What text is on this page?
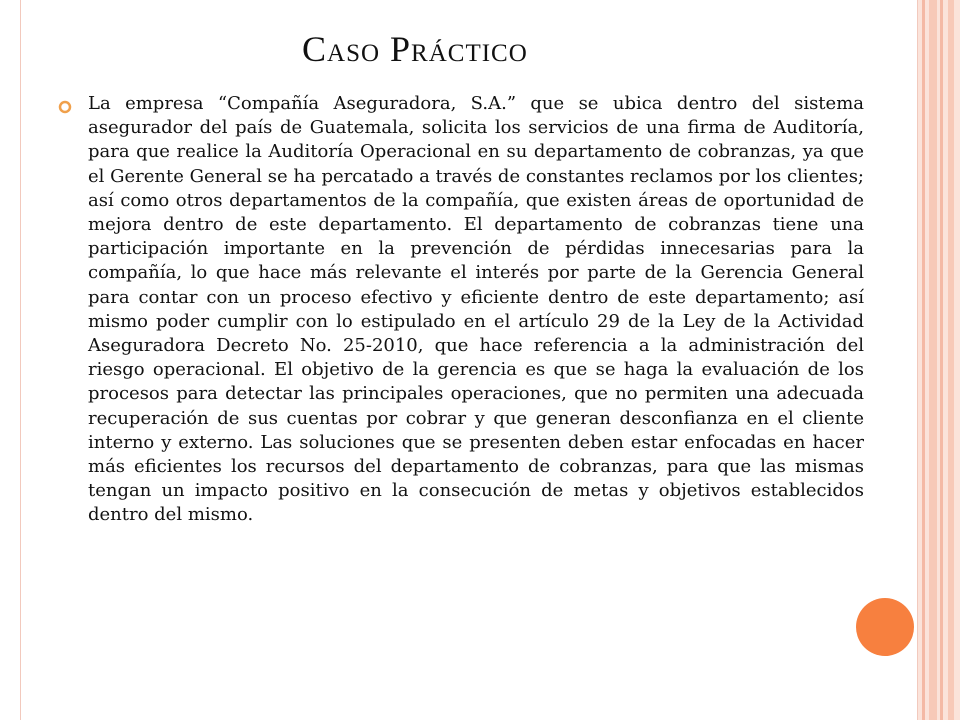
Caso Práctico

La empresa “Compañía Aseguradora, S.A.” que se ubica dentro del sistema asegurador del país de Guatemala, solicita los servicios de una firma de Auditoría, para que realice la Auditoría Operacional en su departamento de cobranzas, ya que el Gerente General se ha percatado a través de constantes reclamos por los clientes; así como otros departamentos de la compañía, que existen áreas de oportunidad de mejora dentro de este departamento. El departamento de cobranzas tiene una participación importante en la prevención de pérdidas innecesarias para la compañía, lo que hace más relevante el interés por parte de la Gerencia General para contar con un proceso efectivo y eficiente dentro de este departamento; así mismo poder cumplir con lo estipulado en el artículo 29 de la Ley de la Actividad Aseguradora Decreto No. 25-2010, que hace referencia a la administración del riesgo operacional. El objetivo de la gerencia es que se haga la evaluación de los procesos para detectar las principales operaciones, que no permiten una adecuada recuperación de sus cuentas por cobrar y que generan desconfianza en el cliente interno y externo. Las soluciones que se presenten deben estar enfocadas en hacer más eficientes los recursos del departamento de cobranzas, para que las mismas tengan un impacto positivo en la consecución de metas y objetivos establecidos dentro del mismo.
